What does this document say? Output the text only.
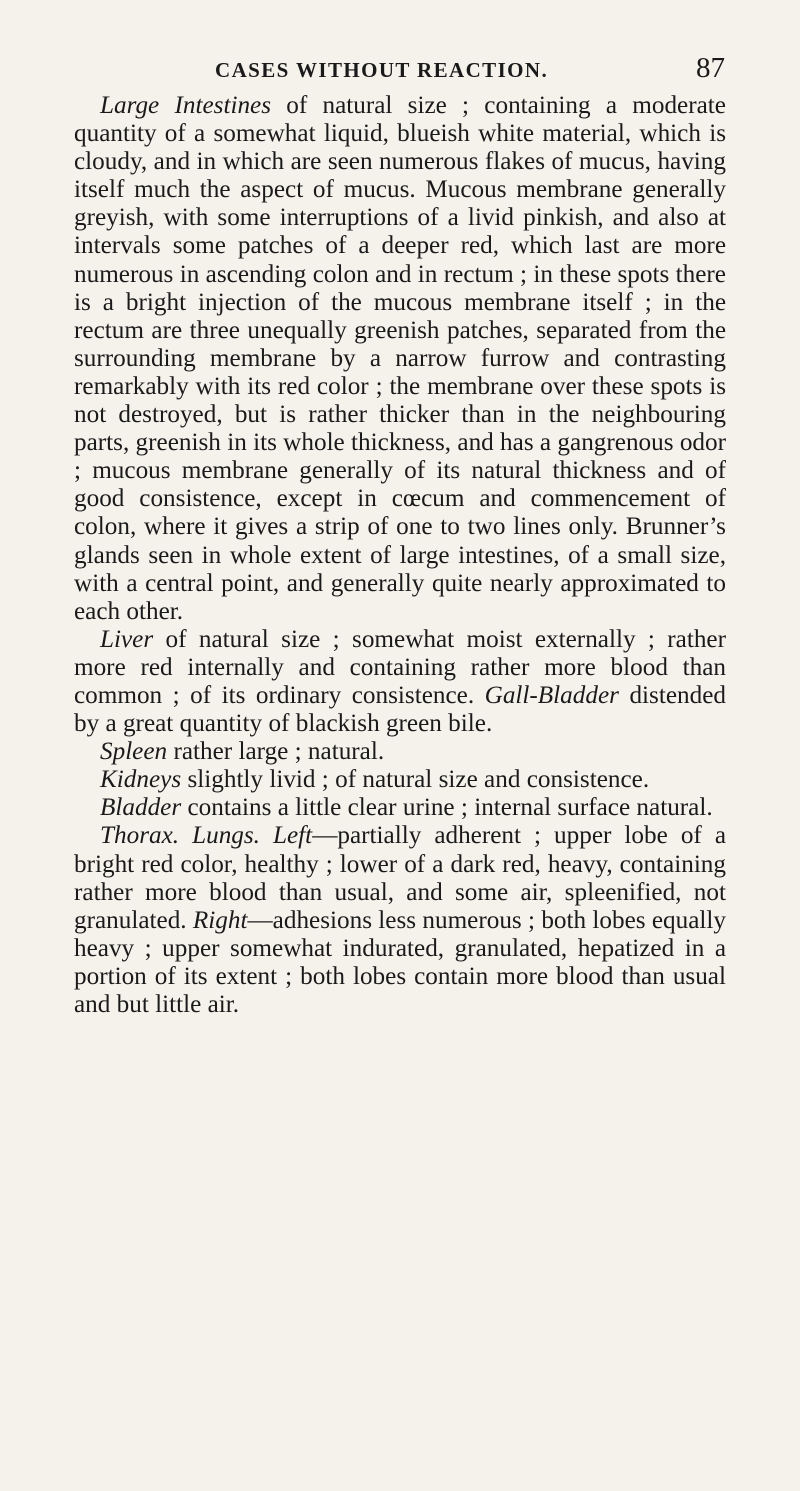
CASES WITHOUT REACTION.	87

Large Intestines of natural size ; containing a moderate quantity of a somewhat liquid, blueish white material, which is cloudy, and in which are seen numerous flakes of mucus, having itself much the aspect of mucus. Mucous membrane generally greyish, with some interruptions of a livid pinkish, and also at intervals some patches of a deeper red, which last are more numerous in ascending colon and in rectum ; in these spots there is a bright injection of the mucous membrane itself ; in the rectum are three unequally greenish patches, separated from the surrounding membrane by a narrow furrow and contrasting remarkably with its red color ; the membrane over these spots is not destroyed, but is rather thicker than in the neighbouring parts, greenish in its whole thickness, and has a gangrenous odor ; mucous membrane generally of its natural thickness and of good consistence, except in cœcum and commencement of colon, where it gives a strip of one to two lines only. Brunner’s glands seen in whole extent of large intestines, of a small size, with a central point, and generally quite nearly approximated to each other.

Liver of natural size ; somewhat moist externally ; rather more red internally and containing rather more blood than common ; of its ordinary consistence. Gall-Bladder distended by a great quantity of blackish green bile.

Spleen rather large ; natural.

Kidneys slightly livid ; of natural size and consistence.

Bladder contains a little clear urine ; internal surface natural.

Thorax. Lungs. Left—partially adherent ; upper lobe of a bright red color, healthy ; lower of a dark red, heavy, containing rather more blood than usual, and some air, spleenified, not granulated. Right—adhesions less numerous ; both lobes equally heavy ; upper somewhat indurated, granulated, hepatized in a portion of its extent ; both lobes contain more blood than usual and but little air.
